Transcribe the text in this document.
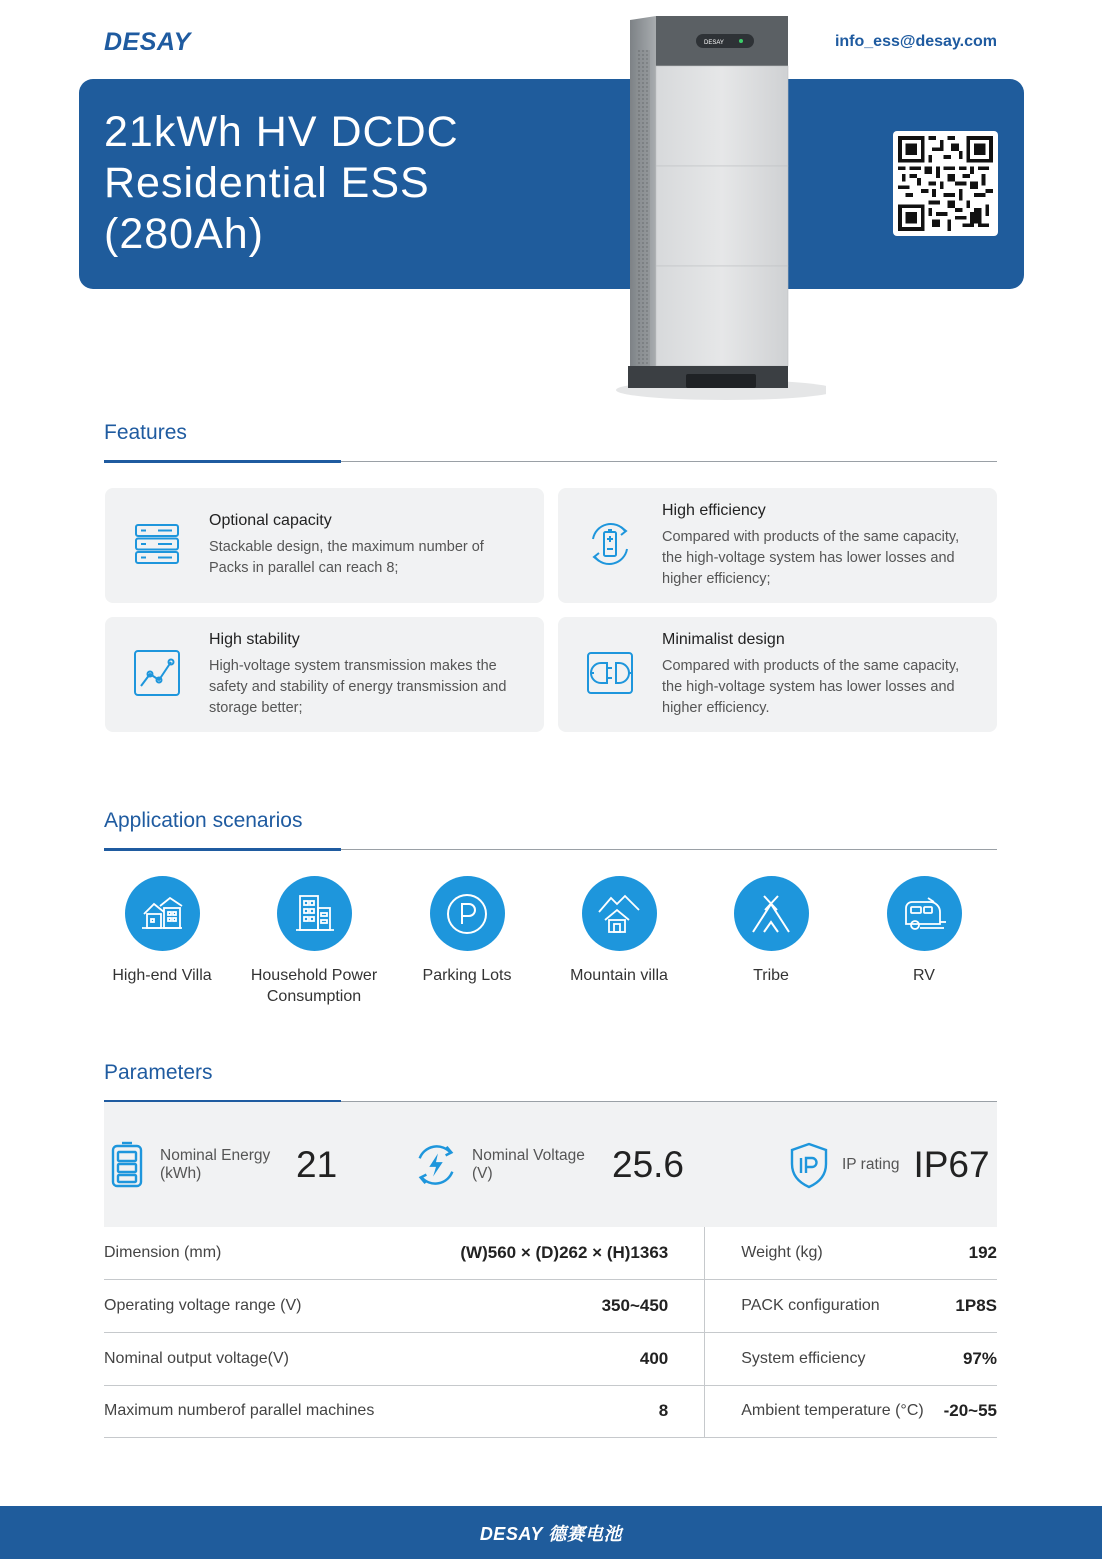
DESAY	info_ess@desay.com
21kWh HV DCDC
Residential ESS
(280Ah)
DESAY
Features
Optional capacity
Stackable design, the maximum number of Packs in parallel can reach 8;
High efficiency
Compared with products of the same capacity, the high-voltage system has lower losses and higher efficiency;
High stability
High-voltage system transmission makes the safety and stability of energy transmission and storage better;
Minimalist design
Compared with products of the same capacity, the high-voltage system has lower losses and higher efficiency.
Application scenarios
High-end Villa	Household Power Consumption
Parking Lots	Mountain villa	Tribe	RV
Parameters
Nominal Energy (kWh)	21	Nominal Voltage (V)	25.6	IP rating IP67
Dimension (mm)	(W)560 × (D)262 × (H)1363	Weight (kg)	192
Operating voltage range (V)	350~450	PACK configuration	1P8S
Nominal output voltage(V)	400	System efficiency	97%
Maximum numberof parallel machines	8	Ambient temperature (°C)	-20~55
DESAY 德赛电池
